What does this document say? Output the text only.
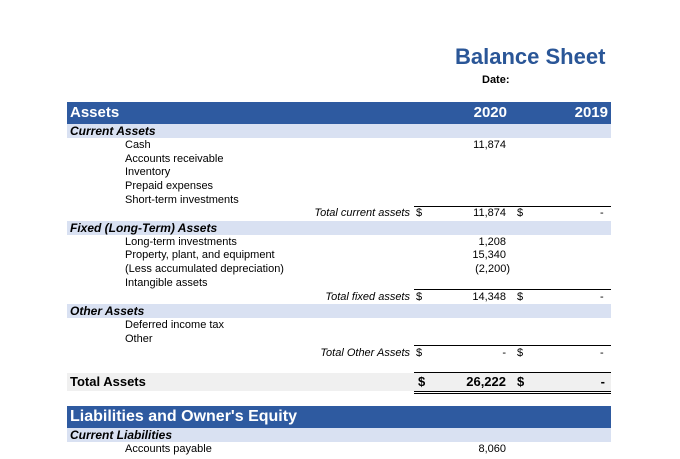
Balance Sheet
Date:
Assets	2020	2019
Current Assets
Cash	11,874
Accounts receivable
Inventory
Prepaid expenses
Short-term investments
Total current assets $	11,874 $	-
Fixed (Long-Term) Assets
Long-term investments	1,208
Property, plant, and equipment	15,340
(Less accumulated depreciation)	(2,200)
Intangible assets
Total fixed assets $	14,348 $	-
Other Assets
Deferred income tax
Other
Total Other Assets $	- $	-
Total Assets	$	26,222 $	-
Liabilities and Owner's Equity
Current Liabilities
Accounts payable	8,060
